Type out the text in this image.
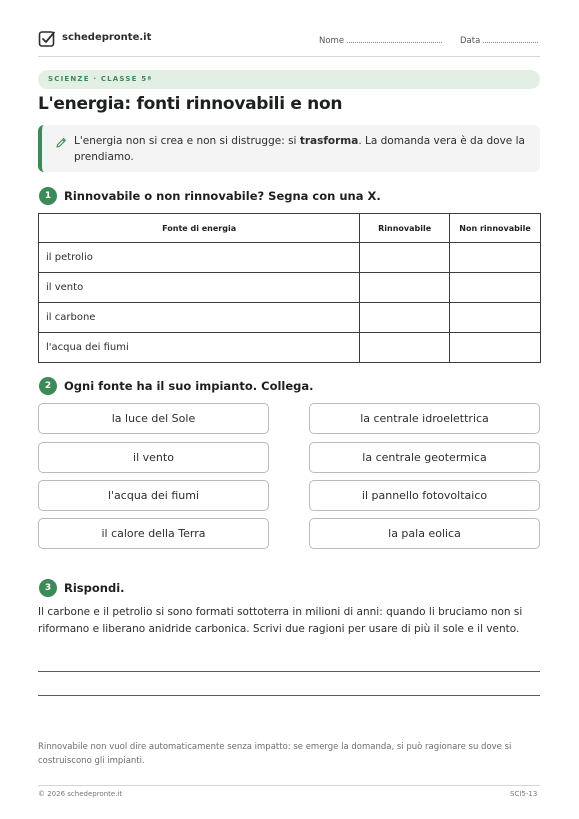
schedepronte.it	Nome	Data
SCIENZE · CLASSE 5ª
L'energia: fonti rinnovabili e non
L'energia non si crea e non si distrugge: si trasforma. La domanda vera è da dove la prendiamo.
1	Rinnovabile o non rinnovabile? Segna con una X.
Fonte di energia	Rinnovabile	Non rinnovabile
il petrolio		
il vento		
il carbone		
l'acqua dei fiumi		
2	Ogni fonte ha il suo impianto. Collega.
la luce del Sole
il vento
l'acqua dei fiumi
il calore della Terra
la centrale idroelettrica
la centrale geotermica
il pannello fotovoltaico
la pala eolica
3	Rispondi.
Il carbone e il petrolio si sono formati sottoterra in milioni di anni: quando li bruciamo non si riformano e liberano anidride carbonica. Scrivi due ragioni per usare di più il sole e il vento.
Rinnovabile non vuol dire automaticamente senza impatto: se emerge la domanda, si può ragionare su dove si costruiscono gli impianti.
© 2026 schedepronte.it	SCI5-13
